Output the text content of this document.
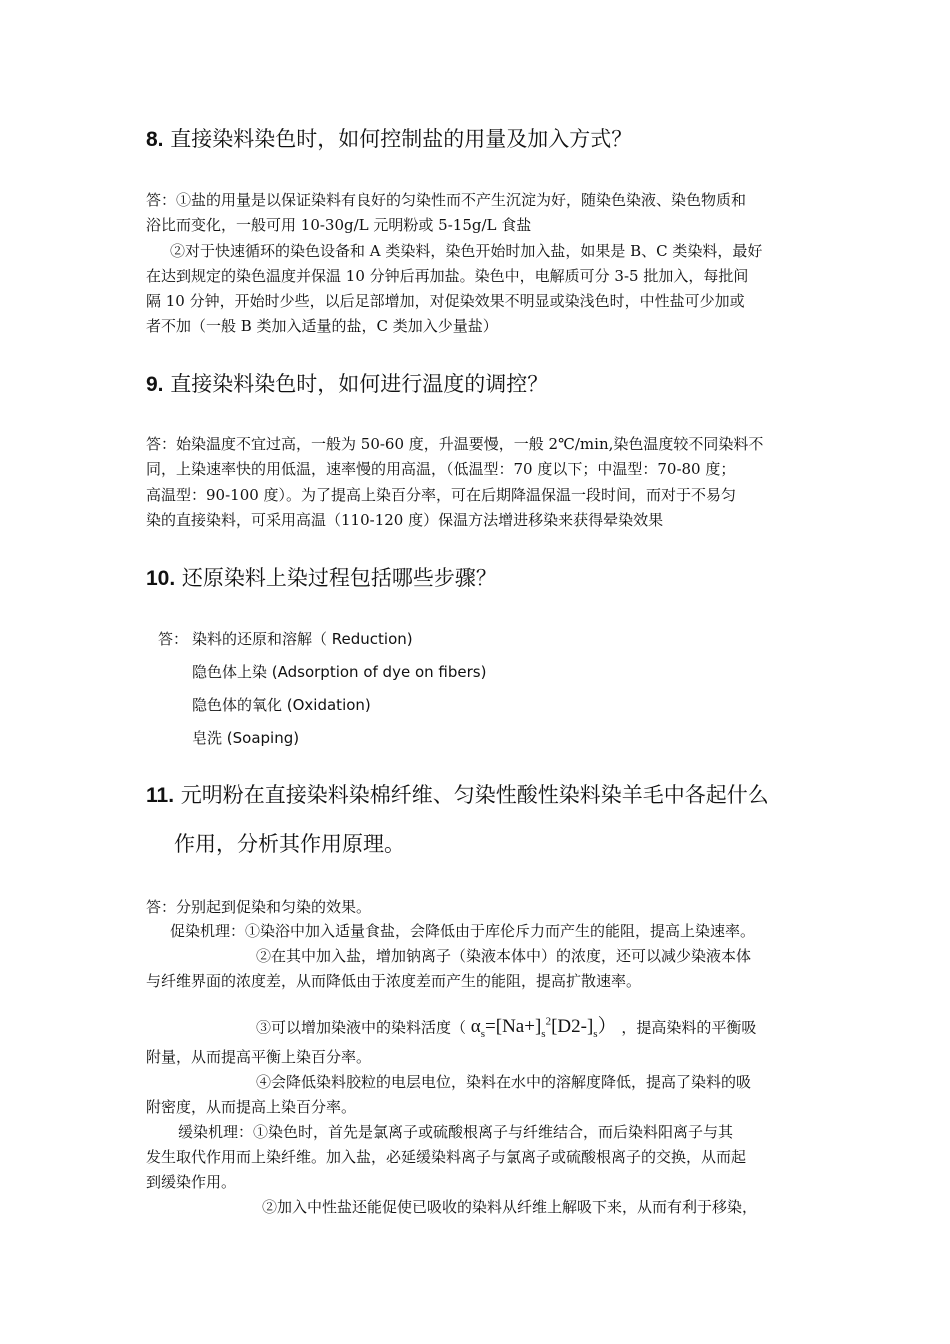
8. 直接染料染色时，如何控制盐的用量及加入方式？
答：①盐的用量是以保证染料有良好的匀染性而不产生沉淀为好，随染色染液、染色物质和
浴比而变化，一般可用 10-30g/L 元明粉或 5-15g/L 食盐
②对于快速循环的染色设备和 A 类染料，染色开始时加入盐，如果是 B、C 类染料，最好
在达到规定的染色温度并保温 10 分钟后再加盐。染色中，电解质可分 3-5 批加入，每批间
隔 10 分钟，开始时少些，以后足部增加，对促染效果不明显或染浅色时，中性盐可少加或
者不加（一般 B 类加入适量的盐，C 类加入少量盐）
9. 直接染料染色时，如何进行温度的调控？
答：始染温度不宜过高，一般为 50-60 度，升温要慢，一般 2℃/min,染色温度较不同染料不
同，上染速率快的用低温，速率慢的用高温，（低温型：70 度以下；中温型：70-80 度；
高温型：90-100 度）。为了提高上染百分率，可在后期降温保温一段时间，而对于不易匀
染的直接染料，可采用高温（110-120 度）保温方法增进移染来获得晕染效果
10. 还原染料上染过程包括哪些步骤？
答： 染料的还原和溶解（ Reduction)
隐色体上染 (Adsorption of dye on fibers)
隐色体的氧化 (Oxidation)
皂洗 (Soaping)
11. 元明粉在直接染料染棉纤维、匀染性酸性染料染羊毛中各起什么
作用，分析其作用原理。
答：分别起到促染和匀染的效果。
促染机理：①染浴中加入适量食盐，会降低由于库伦斥力而产生的能阻，提高上染速率。
②在其中加入盐，增加钠离子（染液本体中）的浓度，还可以减少染液本体
与纤维界面的浓度差，从而降低由于浓度差而产生的能阻，提高扩散速率。
③可以增加染液中的染料活度（ $\alpha_s=[Na+]_s^2[D2-]_s$） ，提高染料的平衡吸
附量，从而提高平衡上染百分率。
④会降低染料胶粒的电层电位，染料在水中的溶解度降低，提高了染料的吸
附密度，从而提高上染百分率。
缓染机理：①染色时，首先是氯离子或硫酸根离子与纤维结合，而后染料阳离子与其
发生取代作用而上染纤维。加入盐，必延缓染料离子与氯离子或硫酸根离子的交换，从而起
到缓染作用。
②加入中性盐还能促使已吸收的染料从纤维上解吸下来，从而有利于移染，
